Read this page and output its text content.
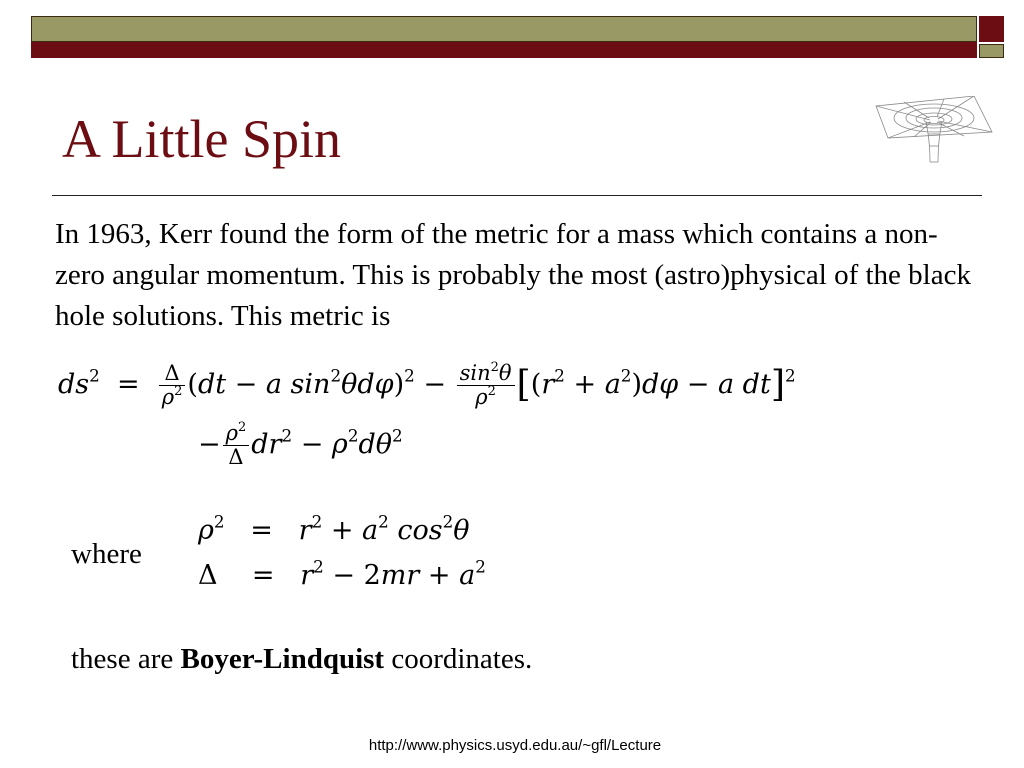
A Little Spin

In 1963, Kerr found the form of the metric for a mass which contains a non-zero angular momentum. This is probably the most (astro)physical of the black hole solutions. This metric is

$ds^2 = \frac{\Delta}{\rho^2} (dt - a$ $\sin^2\theta d\varphi)^2 - \frac{\sin^2\theta}{\rho^2} [(r^2 + a^2)d\varphi - a$ dt]$^2$
− $\frac{\rho^2}{\Delta} dr^2 - \rho^2d\theta^2$
where
$\rho^2 = r^2 + a^2$ $\cos^2\theta$
$\Delta = r^2 - 2mr + a^2$

these are Boyer-Lindquist coordinates.

http://www.physics.usyd.edu.au/~gfl/Lecture
